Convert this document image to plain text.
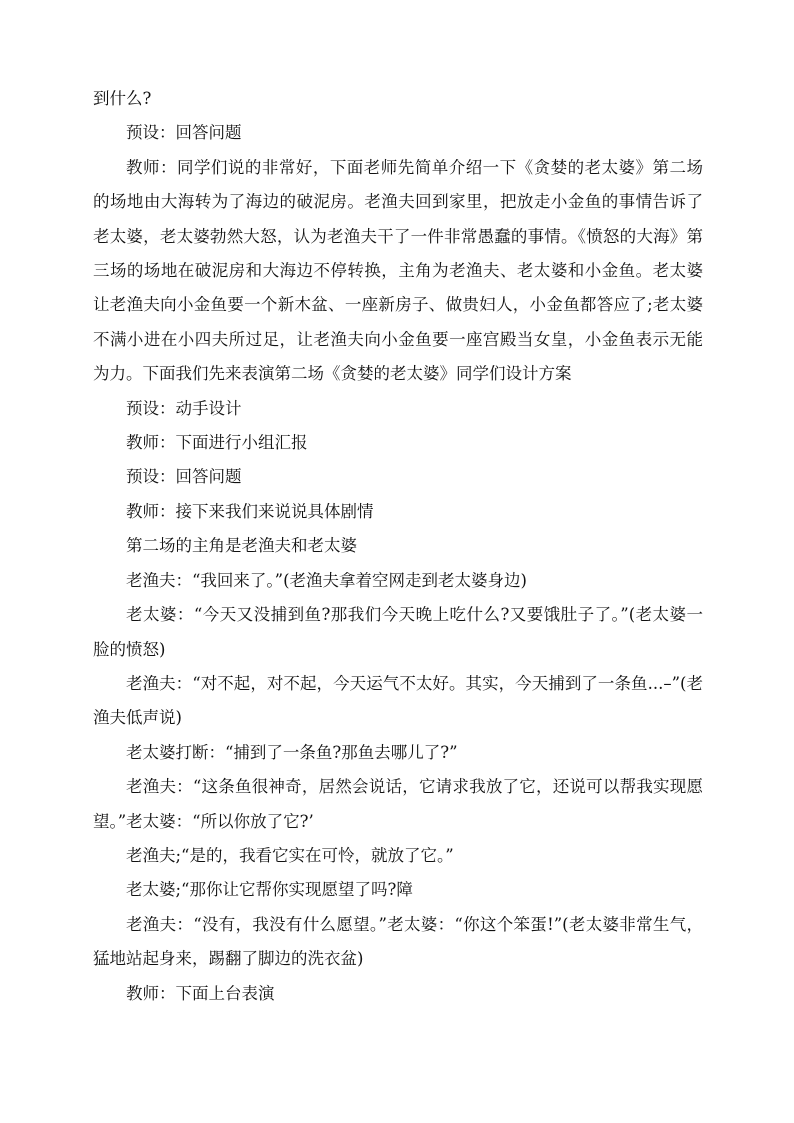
到什么?

预设：回答问题

教师：同学们说的非常好，下面老师先简单介绍一下《贪婪的老太婆》第二场的场地由大海转为了海边的破泥房。老渔夫回到家里，把放走小金鱼的事情告诉了老太婆，老太婆勃然大怒，认为老渔夫干了一件非常愚蠢的事情。《愤怒的大海》第三场的场地在破泥房和大海边不停转换，主角为老渔夫、老太婆和小金鱼。老太婆让老渔夫向小金鱼要一个新木盆、一座新房子、做贵妇人，小金鱼都答应了;老太婆不满小进在小四夫所过足，让老渔夫向小金鱼要一座宫殿当女皇，小金鱼表示无能为力。下面我们先来表演第二场《贪婪的老太婆》同学们设计方案

预设：动手设计

教师：下面进行小组汇报

预设：回答问题

教师：接下来我们来说说具体剧情

第二场的主角是老渔夫和老太婆

老渔夫：“我回来了。”(老渔夫拿着空网走到老太婆身边)

老太婆：“今天又没捕到鱼?那我们今天晚上吃什么?又要饿肚子了。”(老太婆一脸的愤怒)

老渔夫：“对不起，对不起，今天运气不太好。其实，今天捕到了一条鱼...–”(老渔夫低声说)

老太婆打断：“捕到了一条鱼?那鱼去哪儿了?”

老渔夫：“这条鱼很神奇，居然会说话，它请求我放了它，还说可以帮我实现愿望。”老太婆：“所以你放了它?’

老渔夫;“是的，我看它实在可怜，就放了它。”

老太婆;“那你让它帮你实现愿望了吗?障

老渔夫：“没有，我没有什么愿望。”老太婆：“你这个笨蛋!”(老太婆非常生气，猛地站起身来，踢翻了脚边的洗衣盆)

教师：下面上台表演
